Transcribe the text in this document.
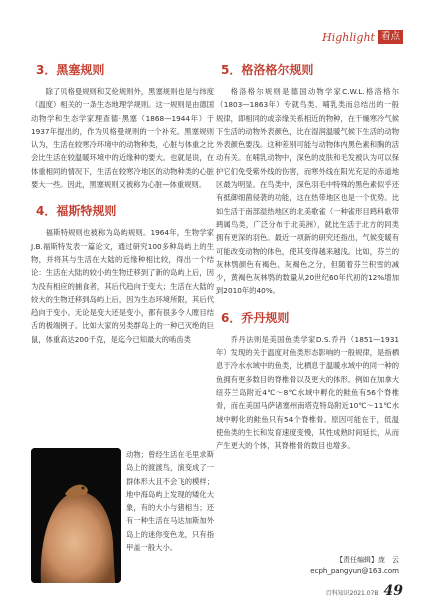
Highlight 看点
3．黑塞规则

除了贝格曼规则和艾伦规则外，黑塞规则也是与纬度（温度）相关的一条生态地理学规则。这一规则是由德国动物学和生态学家理查德·黑塞（1868—1944年）于1937年提出的，作为贝格曼规则的一个补充。黑塞规则认为，生活在较寒冷环境中的动物种类，心脏与体重之比会比生活在较温暖环境中的近缘种的要大。也就是说，在体重相同的情况下，生活在较寒冷地区的动物种类的心脏要大一些。因此，黑塞规则又被称为心脏—体重规则。

4．福斯特规则

福斯特规则也被称为岛屿规则。1964年，生物学家J.B.福斯特发表一篇论文，通过研究100多种岛屿上的生物，并将其与生活在大陆的近缘种相比较，得出一个结论：生活在大陆的较小的生物迁移到了新的岛屿上后，因为没有相应的捕食者，其后代趋向于变大；生活在大陆的较大的生物迁移到岛屿上后，因为生态环境所限，其后代趋向于变小。无论是变大还是变小，都有很多令人瞠目结舌的极端例子。比如大家的另类群岛上的一种已灭绝的巨鼠，体重高达200千克，是迄今已知最大的啮齿类

动物；曾经生活在毛里求斯岛上的渡渡鸟，演变成了一群体形大且不会飞的模样；地中海岛屿上发现的矮化大象，有的大小与猪相当；还有一种生活在马达加斯加外岛上的迷你变色龙，只有指甲盖一般大小。

5．格洛格尔规则

格洛格尔规则是德国动物学家C.W.L.格洛格尔（1803—1863年）专就鸟类、哺乳类而总结出的一般规律，即相同的或亲缘关系相近的物种，在干燥寒冷气候下生活的动物外表颜色，比在湿润温暖气候下生活的动物外表颜色要浅。这种差别可能与动物体内黑色素和胸的活动有关。在哺乳动物中，深色的皮肤和毛发被认为可以保护它们免受紫外线的伤害，而寒外线在阳光充足的赤道地区最为明显。在鸟类中，深色羽毛中特殊的黑色素似乎还有抵御细菌侵袭的功能，这在热带地区也是一个优势。比如生活于南部湿热地区的北美歌雀（一种雀形目鹀科歌带鹀属鸟类，广泛分布于北美洲），就比生活于北方的同类拥有更深的羽色。最近一项新的研究还指出，气候变暖有可能改变动物的体色，使其变得越来越浅。比如，芬兰的灰林鸮颜色有褐色、灰褐色之分，但随着芬兰积雪的减少，黄褐色灰林鸮的数量从20世纪60年代初的12%增加到2010年的40%。

6．乔丹规则

乔丹法则是美国鱼类学家D.S.乔丹（1851—1931年）发现的关于温度对鱼类形态影响的一般规律，是指栖息于冷水水域中的鱼类，比栖息于温暖水域中的同一种的鱼拥有更多数目的脊椎骨以及更大的体形。例如在加拿大纽芬兰岛附近4℃～8℃水域中孵化的鲑鱼有56个脊椎骨，而在美国马萨诸塞州南塔克特岛附近10℃～11℃水域中孵化的鲑鱼只有54个脊椎骨。原因可能在于，低温使鱼类的生长和发育速度变慢，其性成熟时间延长，从而产生更大的个体，其脊椎骨的数目也增多。

【责任编辑】庞　云
ecph_pangyun@163.com
百科知识2021.07B 49
